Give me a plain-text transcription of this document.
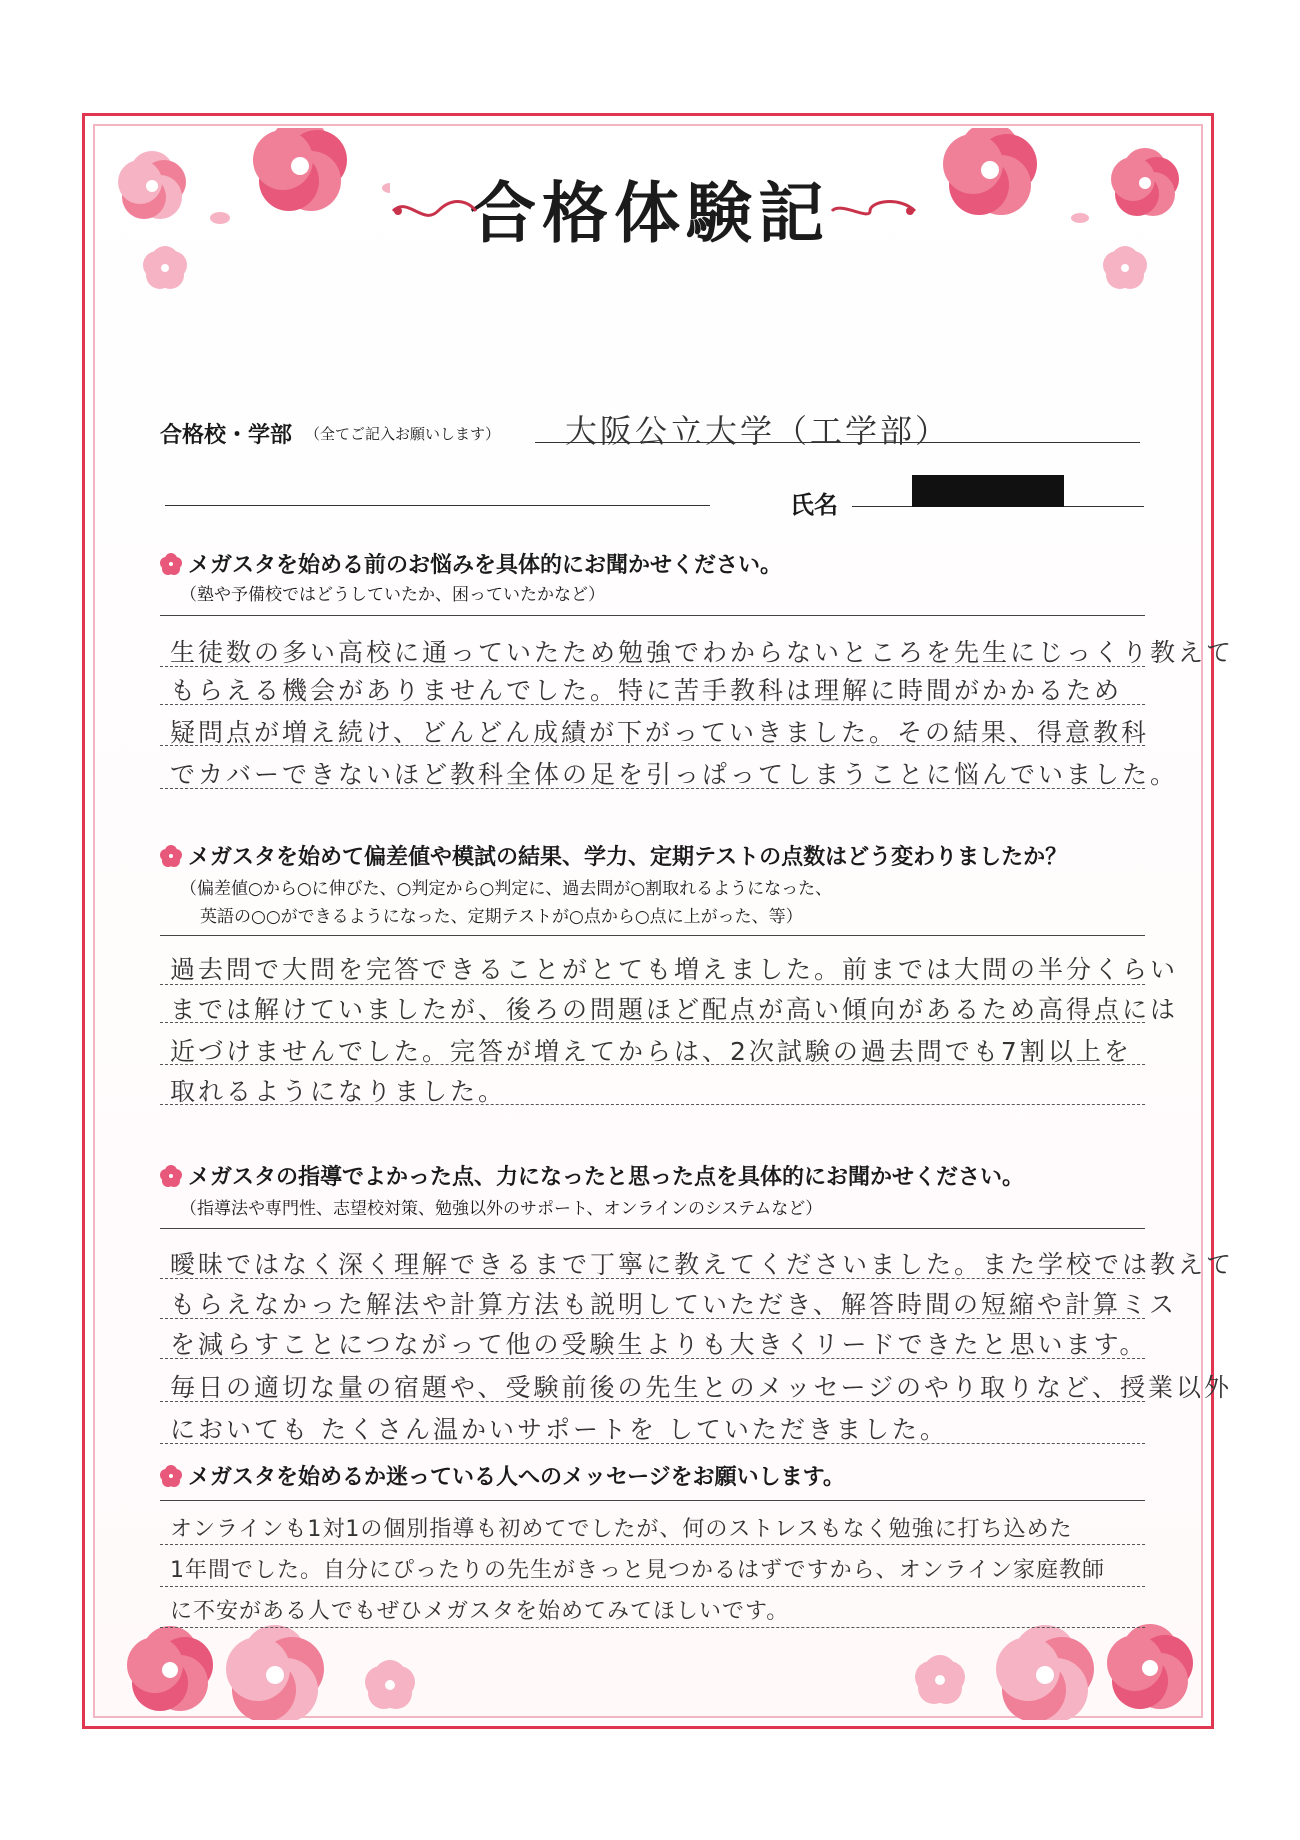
合格体験記
合格校・学部 （全てご記入お願いします） 大阪公立大学（工学部）
氏名
メガスタを始める前のお悩みを具体的にお聞かせください。
（塾や予備校ではどうしていたか、困っていたかなど）
生徒数の多い高校に通っていたため勉強でわからないところを先生にじっくり教えて
もらえる機会がありませんでした。特に苦手教科は理解に時間がかかるため
疑問点が増え続け、どんどん成績が下がっていきました。その結果、得意教科
でカバーできないほど教科全体の足を引っぱってしまうことに悩んでいました。
メガスタを始めて偏差値や模試の結果、学力、定期テストの点数はどう変わりましたか？
（偏差値○から○に伸びた、○判定から○判定に、過去問が○割取れるようになった、
英語の○○ができるようになった、定期テストが○点から○点に上がった、等）
過去問で大問を完答できることがとても増えました。前までは大問の半分くらい
までは解けていましたが、後ろの問題ほど配点が高い傾向があるため高得点には
近づけませんでした。完答が増えてからは、2次試験の過去問でも7割以上を
取れるようになりました。
メガスタの指導でよかった点、力になったと思った点を具体的にお聞かせください。
（指導法や専門性、志望校対策、勉強以外のサポート、オンラインのシステムなど）
曖昧ではなく深く理解できるまで丁寧に教えてくださいました。また学校では教えて
もらえなかった解法や計算方法も説明していただき、解答時間の短縮や計算ミス
を減らすことにつながって他の受験生よりも大きくリードできたと思います。
毎日の適切な量の宿題や、受験前後の先生とのメッセージのやり取りなど、授業以外
においても たくさん温かいサポートを していただきました。
メガスタを始めるか迷っている人へのメッセージをお願いします。
オンラインも1対1の個別指導も初めてでしたが、何のストレスもなく勉強に打ち込めた
1年間でした。自分にぴったりの先生がきっと見つかるはずですから、オンライン家庭教師
に不安がある人でもぜひメガスタを始めてみてほしいです。
